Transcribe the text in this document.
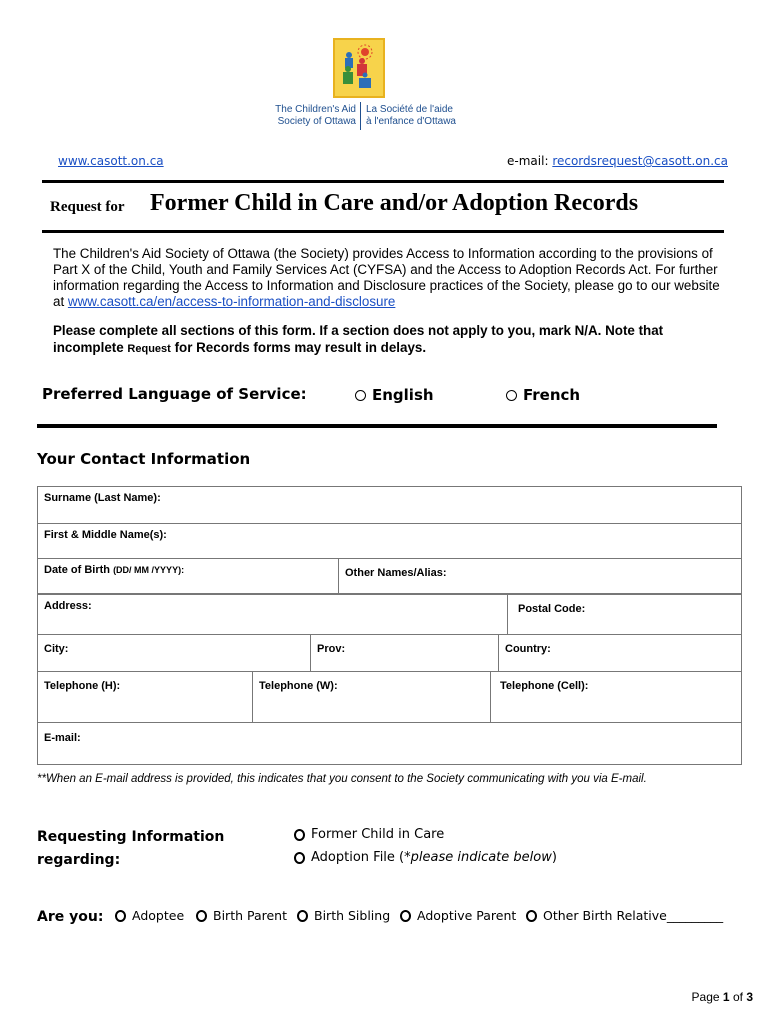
The Children's Aid
Society of Ottawa
La Société de l'aide
à l'enfance d'Ottawa
www.casott.on.ca	e-mail: recordsrequest@casott.on.ca
Request for Former Child in Care and/or Adoption Records
The Children's Aid Society of Ottawa (the Society) provides Access to Information according to the provisions of Part X of the Child, Youth and Family Services Act (CYFSA) and the Access to Adoption Records Act. For further information regarding the Access to Information and Disclosure practices of the Society, please go to our website at www.casott.ca/en/access-to-information-and-disclosure
Please complete all sections of this form. If a section does not apply to you, mark N/A. Note that incomplete Request for Records forms may result in delays.
Preferred Language of Service:	English	French
Your Contact Information
Surname (Last Name):
First & Middle Name(s):
Date of Birth (DD/ MM /YYYY):	Other Names/Alias:
Address:	Postal Code:
City:	Prov:	Country:
Telephone (H):	Telephone (W):	Telephone (Cell):
E-mail:
**When an E-mail address is provided, this indicates that you consent to the Society communicating with you via E-mail.
Requesting Information
regarding:
Former Child in Care
Adoption File ( *please indicate below )
Are you: Adoptee Birth Parent Birth Sibling Adoptive Parent Other Birth Relative_________
Page 1 of 3
